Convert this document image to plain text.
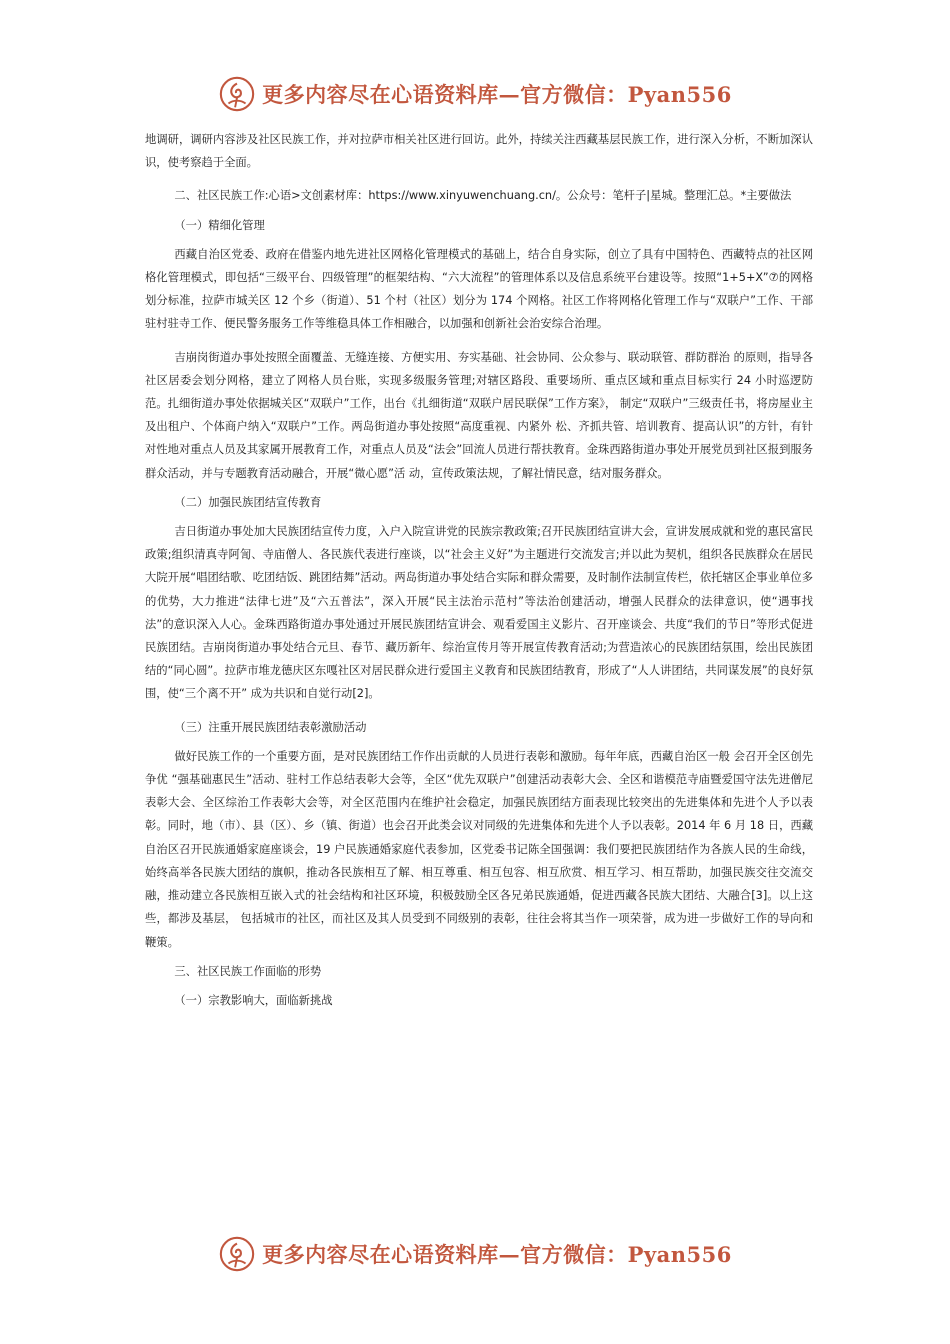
更多内容尽在心语资料库—官方微信：Pyan556

地调研，调研内容涉及社区民族工作，并对拉萨市相关社区进行回访。此外，持续关注西藏基层民族工作，进行深入分析，不断加深认识，使考察趋于全面。

二、社区民族工作:心语>文创素材库：https://www.xinyuwenchuang.cn/。公众号：笔杆子|星城。整理汇总。*主要做法

（一）精细化管理

西藏自治区党委、政府在借鉴内地先进社区网格化管理模式的基础上，结合自身实际，创立了具有中国特色、西藏特点的社区网格化管理模式，即包括“三级平台、四级管理”的框架结构、“六大流程”的管理体系以及信息系统平台建设等。按照“1+5+X”⑦的网格划分标准，拉萨市城关区 12 个乡（街道）、51 个村（社区）划分为 174 个网格。社区工作将网格化管理工作与“双联户”工作、干部驻村驻寺工作、便民警务服务工作等维稳具体工作相融合，以加强和创新社会治安综合治理。

吉崩岗街道办事处按照全面覆盖、无缝连接、方便实用、夯实基础、社会协同、公众参与、联动联管、群防群治 的原则，指导各社区居委会划分网格，建立了网格人员台账，实现多级服务管理;对辖区路段、重要场所、重点区域和重点目标实行 24 小时巡逻防范。扎细街道办事处依据城关区“双联户”工作，出台《扎细街道“双联户居民联保”工作方案》， 制定“双联户”三级责任书，将房屋业主及出租户、个体商户纳入“双联户”工作。两岛街道办事处按照“高度重视、内紧外 松、齐抓共管、培训教育、提高认识”的方针，有针对性地对重点人员及其家属开展教育工作，对重点人员及“法会”回流人员进行帮扶教育。金珠西路街道办事处开展党员到社区报到服务群众活动，并与专题教育活动融合，开展“微心愿”活 动，宣传政策法规，了解社情民意，结对服务群众。

（二）加强民族团结宣传教育

吉日街道办事处加大民族团结宣传力度，入户入院宣讲党的民族宗教政策;召开民族团结宣讲大会，宣讲发展成就和党的惠民富民政策;组织清真寺阿訇、寺庙僧人、各民族代表进行座谈，以“社会主义好”为主题进行交流发言;并以此为契机，组织各民族群众在居民大院开展“唱团结歌、吃团结饭、跳团结舞”活动。两岛街道办事处结合实际和群众需要，及时制作法制宣传栏，依托辖区企事业单位多的优势，大力推进“法律七进”及“六五普法”，深入开展“民主法治示范村”等法治创建活动，增强人民群众的法律意识，使“遇事找法”的意识深入人心。金珠西路街道办事处通过开展民族团结宣讲会、观看爱国主义影片、召开座谈会、共度“我们的节日”等形式促进民族团结。吉崩岗街道办事处结合元旦、春节、藏历新年、综治宣传月等开展宣传教育活动;为营造浓心的民族团结氛围，绘出民族团结的“同心圆”。拉萨市堆龙德庆区东嘎社区对居民群众进行爱国主义教育和民族团结教育，形成了“人人讲团结，共同谋发展”的良好氛围，使“三个离不开” 成为共识和自觉行动[2]。

（三）注重开展民族团结表彰激励活动

做好民族工作的一个重要方面，是对民族团结工作作出贡献的人员进行表彰和激励。每年年底，西藏自治区一般 会召开全区创先争优 “强基础惠民生”活动、驻村工作总结表彰大会等，全区“优先双联户”创建活动表彰大会、全区和谐模范寺庙暨爱国守法先进僧尼表彰大会、全区综治工作表彰大会等，对全区范围内在维护社会稳定，加强民族团结方面表现比较突出的先进集体和先进个人予以表彰。同时，地（市）、县（区）、乡（镇、街道）也会召开此类会议对同级的先进集体和先进个人予以表彰。2014 年 6 月 18 日，西藏自治区召开民族通婚家庭座谈会，19 户民族通婚家庭代表参加，区党委书记陈全国强调：我们要把民族团结作为各族人民的生命线，始终高举各民族大团结的旗帜，推动各民族相互了解、相互尊重、相互包容、相互欣赏、相互学习、相互帮助，加强民族交往交流交融，推动建立各民族相互嵌入式的社会结构和社区环境，积极鼓励全区各兄弟民族通婚，促进西藏各民族大团结、大融合[3]。以上这些，都涉及基层， 包括城市的社区，而社区及其人员受到不同级别的表彰，往往会将其当作一项荣誉，成为进一步做好工作的导向和鞭策。

三、社区民族工作面临的形势

（一）宗教影响大，面临新挑战

更多内容尽在心语资料库—官方微信：Pyan556
